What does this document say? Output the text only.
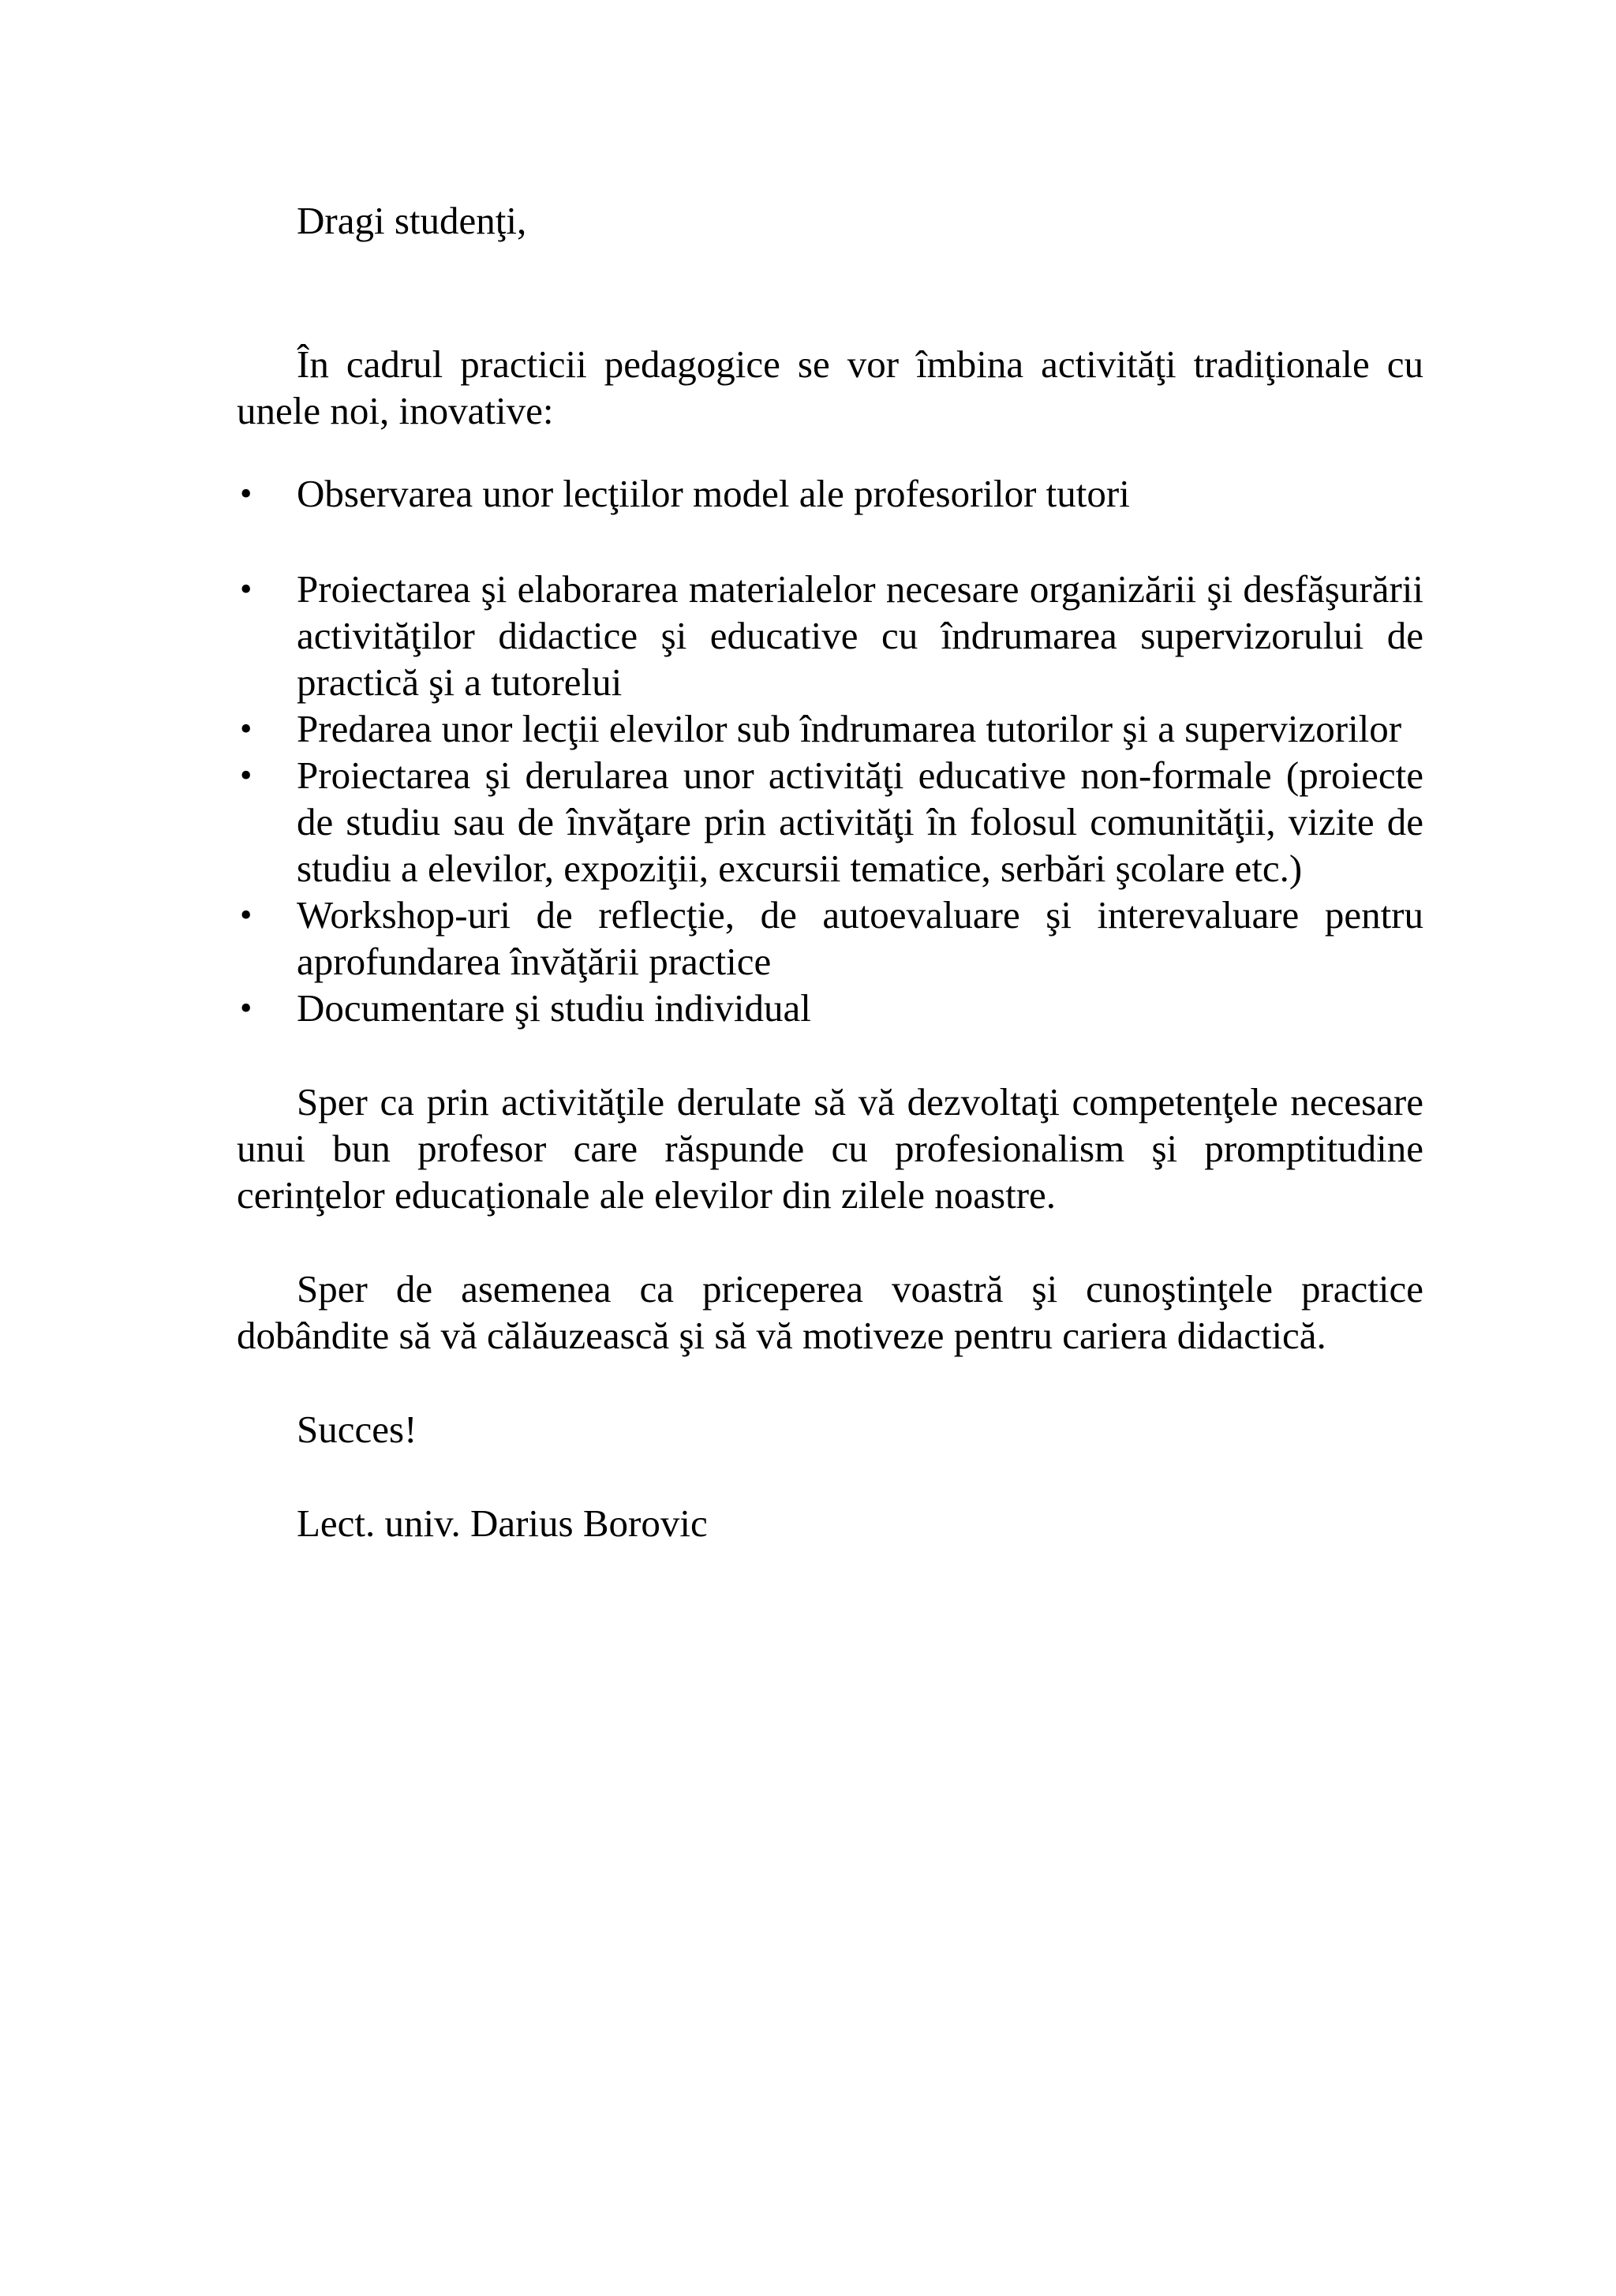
Dragi studenţi,

În cadrul practicii pedagogice se vor îmbina activităţi tradiţionale cu unele noi, inovative:

•	Observarea unor lecţiilor model ale profesorilor tutori
•	Proiectarea şi elaborarea materialelor necesare organizării şi desfăşurării activităţilor didactice şi educative cu îndrumarea supervizorului de practică şi a tutorelui
•	Predarea unor lecţii elevilor sub îndrumarea tutorilor şi a supervizorilor
•	Proiectarea şi derularea unor activităţi educative non-formale (proiecte de studiu sau de învăţare prin activităţi în folosul comunităţii, vizite de studiu a elevilor, expoziţii, excursii tematice, serbări şcolare etc.)
•	Workshop-uri de reflecţie, de autoevaluare şi interevaluare pentru aprofundarea învăţării practice
•	Documentare şi studiu individual

Sper ca prin activităţile derulate să vă dezvoltaţi competenţele necesare unui bun profesor care răspunde cu profesionalism şi promptitudine cerinţelor educaţionale ale elevilor din zilele noastre.

Sper de asemenea ca priceperea voastră şi cunoştinţele practice dobândite să vă călăuzească şi să vă motiveze pentru cariera didactică.

Succes!

Lect. univ. Darius Borovic
